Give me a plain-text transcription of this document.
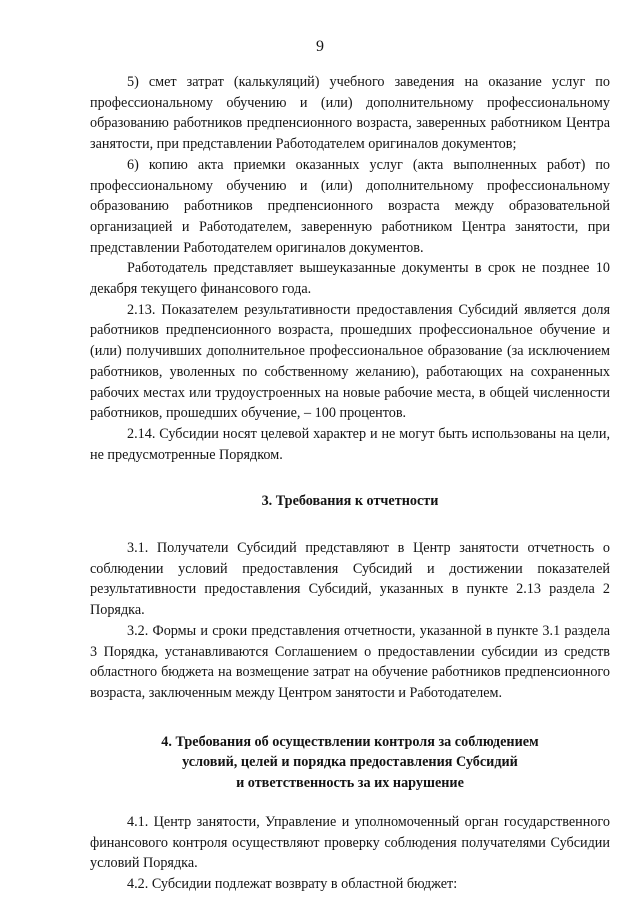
9

5) смет затрат (калькуляций) учебного заведения на оказание услуг по профессиональному обучению и (или) дополнительному профессиональному образованию работников предпенсионного возраста, заверенных работником Центра занятости, при представлении Работодателем оригиналов документов;

6) копию акта приемки оказанных услуг (акта выполненных работ) по профессиональному обучению и (или) дополнительному профессиональному образованию работников предпенсионного возраста между образовательной организацией и Работодателем, заверенную работником Центра занятости, при представлении Работодателем оригиналов документов.

Работодатель представляет вышеуказанные документы в срок не позднее 10 декабря текущего финансового года.

2.13. Показателем результативности предоставления Субсидий является доля работников предпенсионного возраста, прошедших профессиональное обучение и (или) получивших дополнительное профессиональное образование (за исключением работников, уволенных по собственному желанию), работающих на сохраненных рабочих местах или трудоустроенных на новые рабочие места, в общей численности работников, прошедших обучение, – 100 процентов.

2.14. Субсидии носят целевой характер и не могут быть использованы на цели, не предусмотренные Порядком.

3. Требования к отчетности

3.1. Получатели Субсидий представляют в Центр занятости отчетность о соблюдении условий предоставления Субсидий и достижении показателей результативности предоставления Субсидий, указанных в пункте 2.13 раздела 2 Порядка.

3.2. Формы и сроки представления отчетности, указанной в пункте 3.1 раздела 3 Порядка, устанавливаются Соглашением о предоставлении субсидии из средств областного бюджета на возмещение затрат на обучение работников предпенсионного возраста, заключенным между Центром занятости и Работодателем.

4. Требования об осуществлении контроля за соблюдением
условий, целей и порядка предоставления Субсидий
и ответственность за их нарушение

4.1. Центр занятости, Управление и уполномоченный орган государственного финансового контроля осуществляют проверку соблюдения получателями Субсидии условий Порядка.

4.2. Субсидии подлежат возврату в областной бюджет:
